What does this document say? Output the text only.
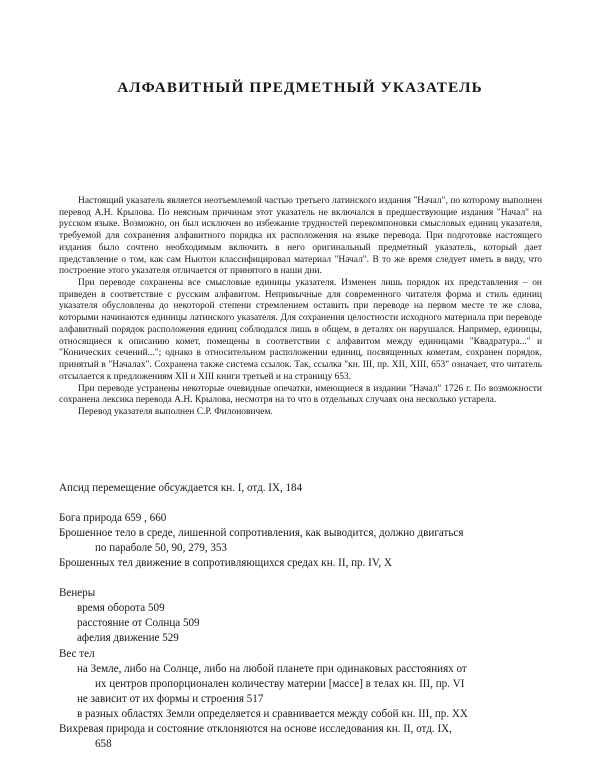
АЛФАВИТНЫЙ ПРЕДМЕТНЫЙ УКАЗАТЕЛЬ

Настоящий указатель является неотъемлемой частью третьего латинского издания "Начал", по которому выполнен перевод А.Н. Крылова. По неясным причинам этот указатель не включался в предшествующие издания "Начал" на русском языке. Возможно, он был исключен во избежание трудностей перекомпоновки смысловых единиц указателя, требуемой для сохранения алфавитного порядка их расположения на языке перевода. При подготовке настоящего издания было сочтено необходимым включить в него оригинальный предметный указатель, который дает представление о том, как сам Ньютон классифицировал материал "Начал". В то же время следует иметь в виду, что построение этого указателя отличается от принятого в наши дни.

При переводе сохранены все смысловые единицы указателя. Изменен лишь порядок их представления – он приведен в соответствие с русским алфавитом. Непривычные для современного читателя форма и стиль единиц указателя обусловлены до некоторой степени стремлением оставить при переводе на первом месте те же слова, которыми начинаются единицы латинского указателя. Для сохранения целостности исходного материала при переводе алфавитный порядок расположения единиц соблюдался лишь в общем, в деталях он нарушался. Например, единицы, относящиеся к описанию комет, помещены в соответствии с алфавитом между единицами "Квадратура..." и "Конических сечений..."; однако в относительном расположении единиц, посвященных кометам, сохранен порядок, принятый в "Началах". Сохранена также система ссылок. Так, ссылка "кн. III, пр. XII, XIII, 653" означает, что читатель отсылается к предложениям XII и XIII книги третьей и на страницу 653.

При переводе устранены некоторые очевидные опечатки, имеющиеся в издании "Начал" 1726 г. По возможности сохранена лексика перевода А.Н. Крылова, несмотря на то что в отдельных случаях она несколько устарела.

Перевод указателя выполнен С.Р. Филоновичем.

Апсид перемещение обсуждается кн. I, отд. IX, 184
Бога природа 659 , 660
Брошенное тело в среде, лишенной сопротивления, как выводится, должно двигаться
по параболе 50, 90, 279, 353
Брошенных тел движение в сопротивляющихся средах кн. II, пр. IV, X
Венеры
время оборота 509
расстояние от Солнца 509
афелия движение 529
Вес тел
на Земле, либо на Солнце, либо на любой планете при одинаковых расстояниях от
их центров пропорционален количеству материи [массе] в телах кн. III, пр. VI
не зависит от их формы и строения 517
в разных областях Земли определяется и сравнивается между собой кн. III, пр. XX
Вихревая природа и состояние отклоняются на основе исследования кн. II, отд. IX,
658
